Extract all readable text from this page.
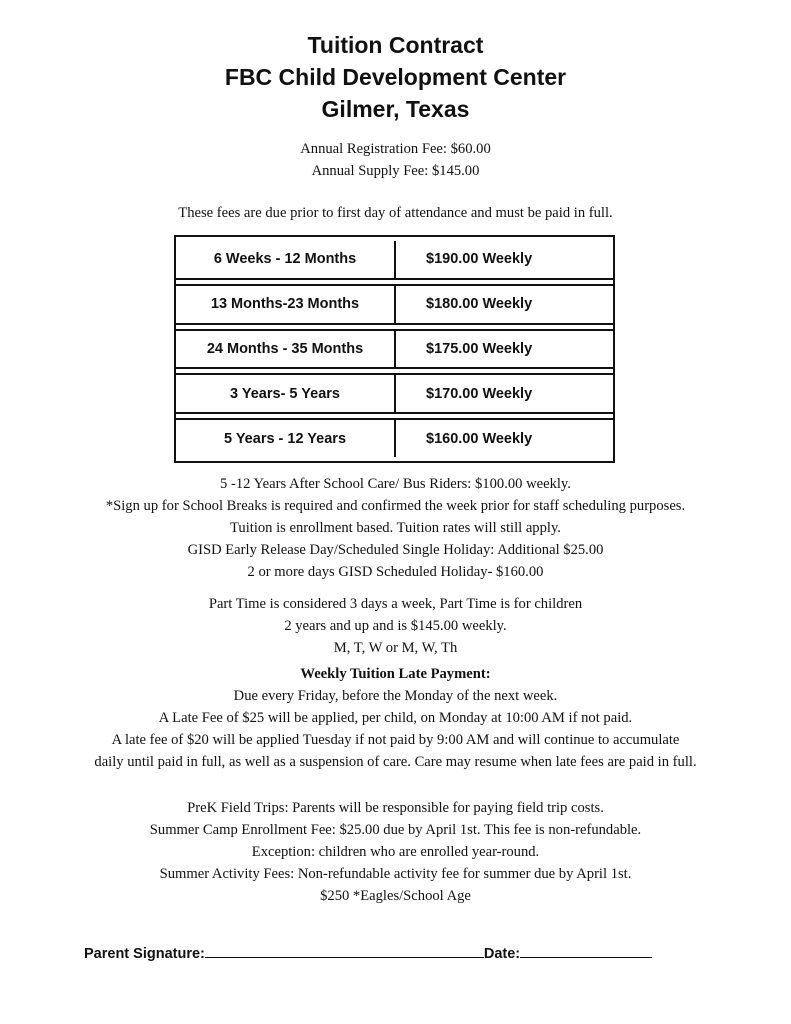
Tuition Contract
FBC Child Development Center
Gilmer, Texas
Annual Registration Fee: $60.00
Annual Supply Fee: $145.00
These fees are due prior to first day of attendance and must be paid in full.
6 Weeks - 12 Months	$190.00 Weekly
13 Months-23 Months	$180.00 Weekly
24 Months - 35 Months	$175.00 Weekly
3 Years- 5 Years	$170.00 Weekly
5 Years - 12 Years	$160.00 Weekly
5 -12 Years After School Care/ Bus Riders: $100.00 weekly.
*Sign up for School Breaks is required and confirmed the week prior for staff scheduling purposes.
Tuition is enrollment based. Tuition rates will still apply.
GISD Early Release Day/Scheduled Single Holiday: Additional $25.00
2 or more days GISD Scheduled Holiday- $160.00
Part Time is considered 3 days a week, Part Time is for children
2 years and up and is $145.00 weekly.
M, T, W or M, W, Th
Weekly Tuition Late Payment:
Due every Friday, before the Monday of the next week.
A Late Fee of $25 will be applied, per child, on Monday at 10:00 AM if not paid.
A late fee of $20 will be applied Tuesday if not paid by 9:00 AM and will continue to accumulate
daily until paid in full, as well as a suspension of care. Care may resume when late fees are paid in full.
PreK Field Trips: Parents will be responsible for paying field trip costs.
Summer Camp Enrollment Fee: $25.00 due by April 1st. This fee is non-refundable.
Exception: children who are enrolled year-round.
Summer Activity Fees: Non-refundable activity fee for summer due by April 1st.
$250 *Eagles/School Age
Parent Signature:	Date:
